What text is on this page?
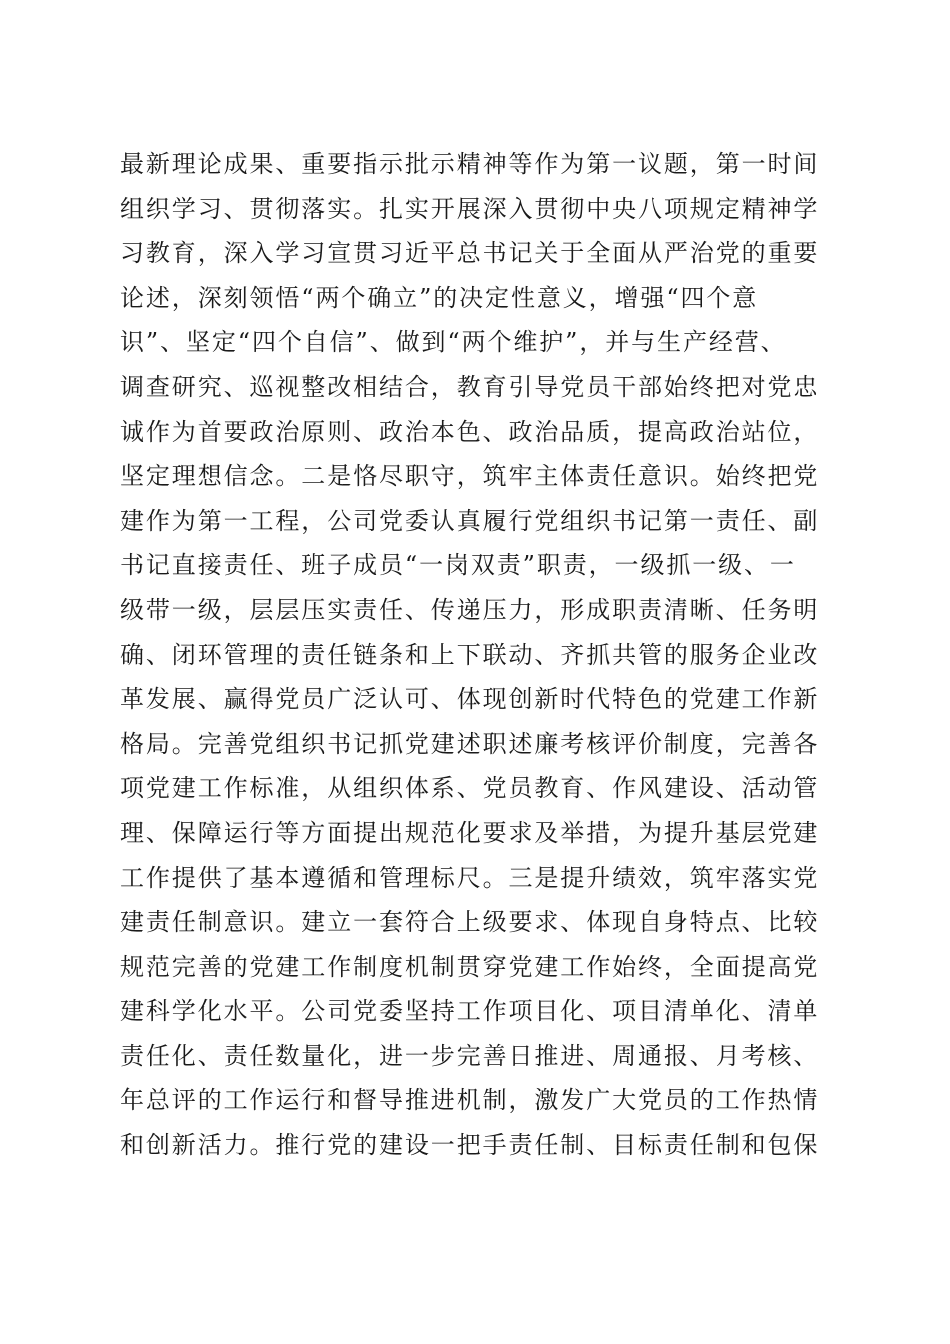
最新理论成果、重要指示批示精神等作为第一议题，第一时间
组织学习、贯彻落实。扎实开展深入贯彻中央八项规定精神学
习教育，深入学习宣贯习近平总书记关于全面从严治党的重要
论述，深刻领悟“两个确立”的决定性意义，增强“四个意
识”、坚定“四个自信”、做到“两个维护”，并与生产经营、
调查研究、巡视整改相结合，教育引导党员干部始终把对党忠
诚作为首要政治原则、政治本色、政治品质，提高政治站位，
坚定理想信念。二是恪尽职守，筑牢主体责任意识。始终把党
建作为第一工程，公司党委认真履行党组织书记第一责任、副
书记直接责任、班子成员“一岗双责”职责，一级抓一级、一
级带一级，层层压实责任、传递压力，形成职责清晰、任务明
确、闭环管理的责任链条和上下联动、齐抓共管的服务企业改
革发展、赢得党员广泛认可、体现创新时代特色的党建工作新
格局。完善党组织书记抓党建述职述廉考核评价制度，完善各
项党建工作标准，从组织体系、党员教育、作风建设、活动管
理、保障运行等方面提出规范化要求及举措，为提升基层党建
工作提供了基本遵循和管理标尺。三是提升绩效，筑牢落实党
建责任制意识。建立一套符合上级要求、体现自身特点、比较
规范完善的党建工作制度机制贯穿党建工作始终，全面提高党
建科学化水平。公司党委坚持工作项目化、项目清单化、清单
责任化、责任数量化，进一步完善日推进、周通报、月考核、
年总评的工作运行和督导推进机制，激发广大党员的工作热情
和创新活力。推行党的建设一把手责任制、目标责任制和包保
